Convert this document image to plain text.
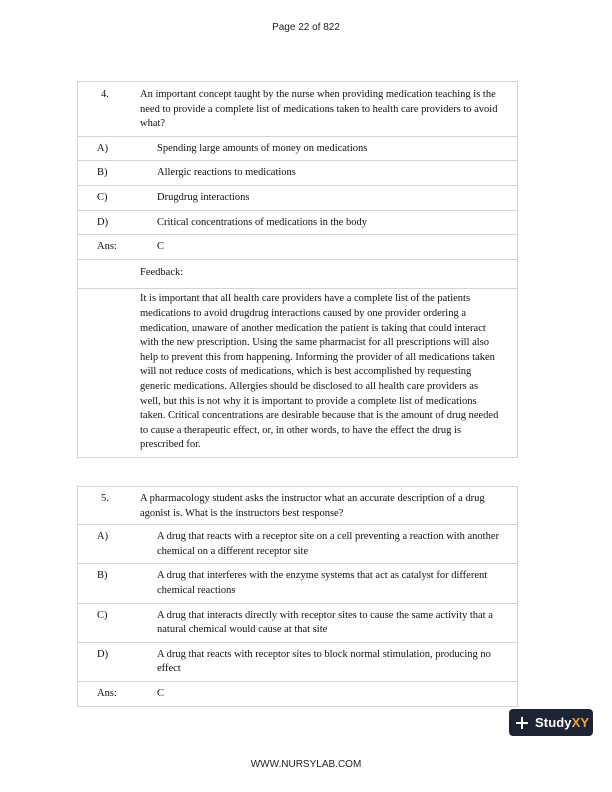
Page 22 of 822
4.	An important concept taught by the nurse when providing medication teaching is the need to provide a complete list of medications taken to health care providers to avoid what?
A)	Spending large amounts of money on medications
B)	Allergic reactions to medications
C)	Drugdrug interactions
D)	Critical concentrations of medications in the body
Ans:	C
Feedback:
It is important that all health care providers have a complete list of the patients medications to avoid drugdrug interactions caused by one provider ordering a medication, unaware of another medication the patient is taking that could interact with the new prescription. Using the same pharmacist for all prescriptions will also help to prevent this from happening. Informing the provider of all medications taken will not reduce costs of medications, which is best accomplished by requesting generic medications. Allergies should be disclosed to all health care providers as well, but this is not why it is important to provide a complete list of medications taken. Critical concentrations are desirable because that is the amount of drug needed to cause a therapeutic effect, or, in other words, to have the effect the drug is prescribed for.
5.	A pharmacology student asks the instructor what an accurate description of a drug agonist is. What is the instructors best response?
A)	A drug that reacts with a receptor site on a cell preventing a reaction with another chemical on a different receptor site
B)	A drug that interferes with the enzyme systems that act as catalyst for different chemical reactions
C)	A drug that interacts directly with receptor sites to cause the same activity that a natural chemical would cause at that site
D)	A drug that reacts with receptor sites to block normal stimulation, producing no effect
Ans:	C
StudyXY
WWW.NURSYLAB.COM
